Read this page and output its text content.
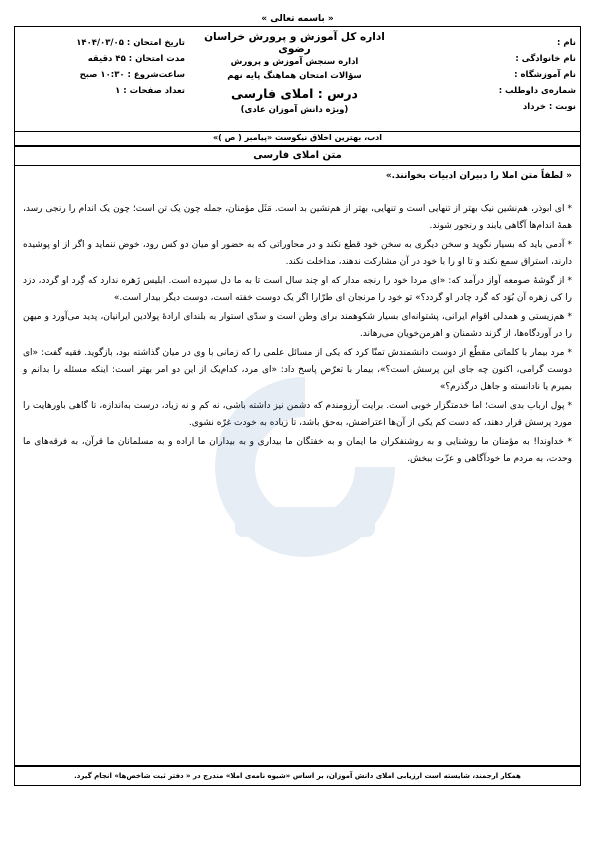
« باسمه تعالی »
نام :
نام خانوادگی :
نام آموزشگاه :
شماره‌ی داوطلب :
نوبت : خرداد
اداره کل آموزش و پرورش خراسان رضوی
اداره سنجش آموزش و پرورش
سؤالات امتحان هماهنگ پایه نهم
درس : املای فارسی
(ویژه دانش آموزان عادی)
تاریخ امتحان : ۱۴۰۴/۰۳/۰۵
مدت امتحان : ۴۵ دقیقه
ساعت‌شروع : ۱۰:۳۰ صبح
تعداد صفحات : ۱
ادب، بهترین اخلاق نیکوست «پیامبر ( ص )»
متن املای فارسی
« لطفاً متن املا را دبیران ادبیات بخوانند.»

* ای ابوذر، هم‌نشین نیک بهتر از تنهایی است و تنهایی، بهتر از هم‌نشین بد است. مَثَل مؤمنان، جمله چون یک تن است؛ چون یک اندام را رنجی رسد، همهٔ اندام‌ها آگاهی یابند و رنجور شوند.

* آدمی باید که بسیار نگوید و سخن دیگری به سخن خود قطع نکند و در محاوراتی که به حضور او میان دو کس رود، خوض ننماید و اگر از او پوشیده دارند، استراق سمع نکند و تا او را با خود در آن مشارکت ندهند، مداخلت نکند.

* از گوشهٔ صومعه آواز درآمد که: «ای مردا خود را رنجه مدار که او چند سال است تا به ما دل سپرده است. ابلیس زَهره ندارد که گِرد او گردد، دزد را کی زهره آن بُوَد که گرد چادر او گردد؟» تو خود را مرنجان ای طرّارا اگر یک دوست خفته است، دوست دیگر بیدار است.»

* هم‌زیستی و همدلی اقوام ایرانی، پشتوانه‌ای بسیار شکوهمند برای وطن است و سدّی استوار به بلندای ارادهٔ پولادین ایرانیان، پدید می‌آورد و میهن را در آوردگاه‌ها، از گزند دشمنان و اهرمن‌خویان می‌رهاند.

* مرد بیمار با کلماتی مقطّع از دوست دانشمندش تمنّا کرد که یکی از مسائل علمی را که زمانی با وی در میان گذاشته بود، بازگوید. فقیه گفت: «ای دوست گرامی، اکنون چه جای این پرسش است؟»، بیمار با تعرّض پاسخ داد: «ای مرد، کدام‌یک از این دو امر بهتر است: اینکه مسئله را بدانم و بمیرم یا نادانسته و جاهل درگذرم؟»

* پول ارباب بدی است؛ اما خدمتگزار خوبی است. برایت آرزومندم که دشمن نیز داشته باشی، نه کم و نه زیاد، درست به‌اندازه، تا گاهی باورهایت را مورد پرسش قرار دهند، که دست کم یکی از آن‌ها اعتراضش، به‌حق باشد، تا زیاده به خودت غرّه نشوی.

* خداوندا! به مؤمنان ما روشنایی و به روشنفکران ما ایمان و به خفتگان ما بیداری و به بیداران ما اراده و به مسلمانان ما قرآن، به فرقه‌های ما وحدت، به مردم ما خودآگاهی و عزّت ببخش.

همکار ارجمند، شایسته است ارزیابی املای دانش آموزان، بر اساس «شیوه نامه‌ی املا» مندرج در « دفتر ثبت شاخص‌ها» انجام گیرد.
